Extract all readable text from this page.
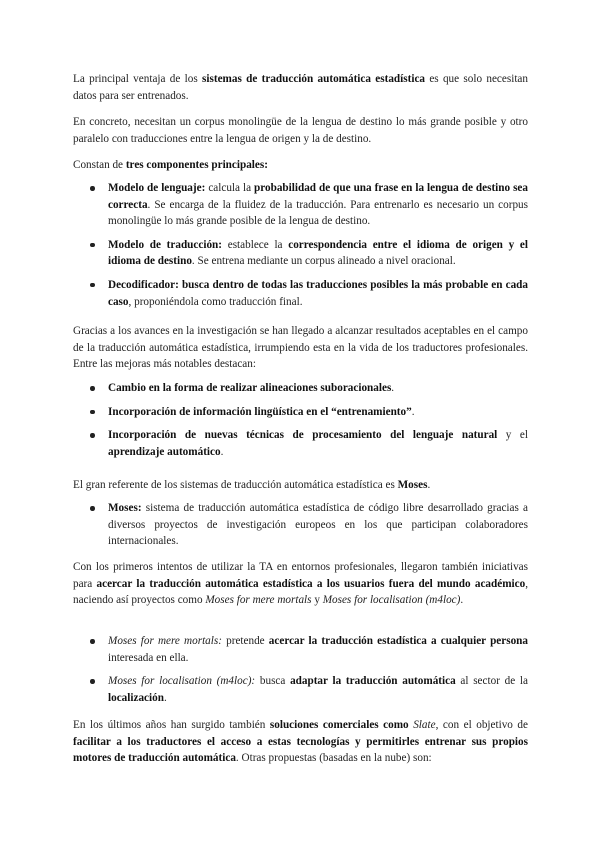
La principal ventaja de los sistemas de traducción automática estadística es que solo necesitan datos para ser entrenados.

En concreto, necesitan un corpus monolingüe de la lengua de destino lo más grande posible y otro paralelo con traducciones entre la lengua de origen y la de destino.

Constan de tres componentes principales:

Modelo de lenguaje: calcula la probabilidad de que una frase en la lengua de destino sea correcta. Se encarga de la fluidez de la traducción. Para entrenarlo es necesario un corpus monolingüe lo más grande posible de la lengua de destino.
Modelo de traducción: establece la correspondencia entre el idioma de origen y el idioma de destino. Se entrena mediante un corpus alineado a nivel oracional.
Decodificador: busca dentro de todas las traducciones posibles la más probable en cada caso, proponiéndola como traducción final.

Gracias a los avances en la investigación se han llegado a alcanzar resultados aceptables en el campo de la traducción automática estadística, irrumpiendo esta en la vida de los traductores profesionales. Entre las mejoras más notables destacan:

Cambio en la forma de realizar alineaciones suboracionales.
Incorporación de información lingüística en el “entrenamiento”.
Incorporación de nuevas técnicas de procesamiento del lenguaje natural y el aprendizaje automático.

El gran referente de los sistemas de traducción automática estadística es Moses.

Moses: sistema de traducción automática estadística de código libre desarrollado gracias a diversos proyectos de investigación europeos en los que participan colaboradores internacionales.

Con los primeros intentos de utilizar la TA en entornos profesionales, llegaron también iniciativas para acercar la traducción automática estadística a los usuarios fuera del mundo académico, naciendo así proyectos como Moses for mere mortals y Moses for localisation (m4loc).

Moses for mere mortals: pretende acercar la traducción estadística a cualquier persona interesada en ella.
Moses for localisation (m4loc): busca adaptar la traducción automática al sector de la localización.

En los últimos años han surgido también soluciones comerciales como Slate, con el objetivo de facilitar a los traductores el acceso a estas tecnologías y permitirles entrenar sus propios motores de traducción automática. Otras propuestas (basadas en la nube) son:
